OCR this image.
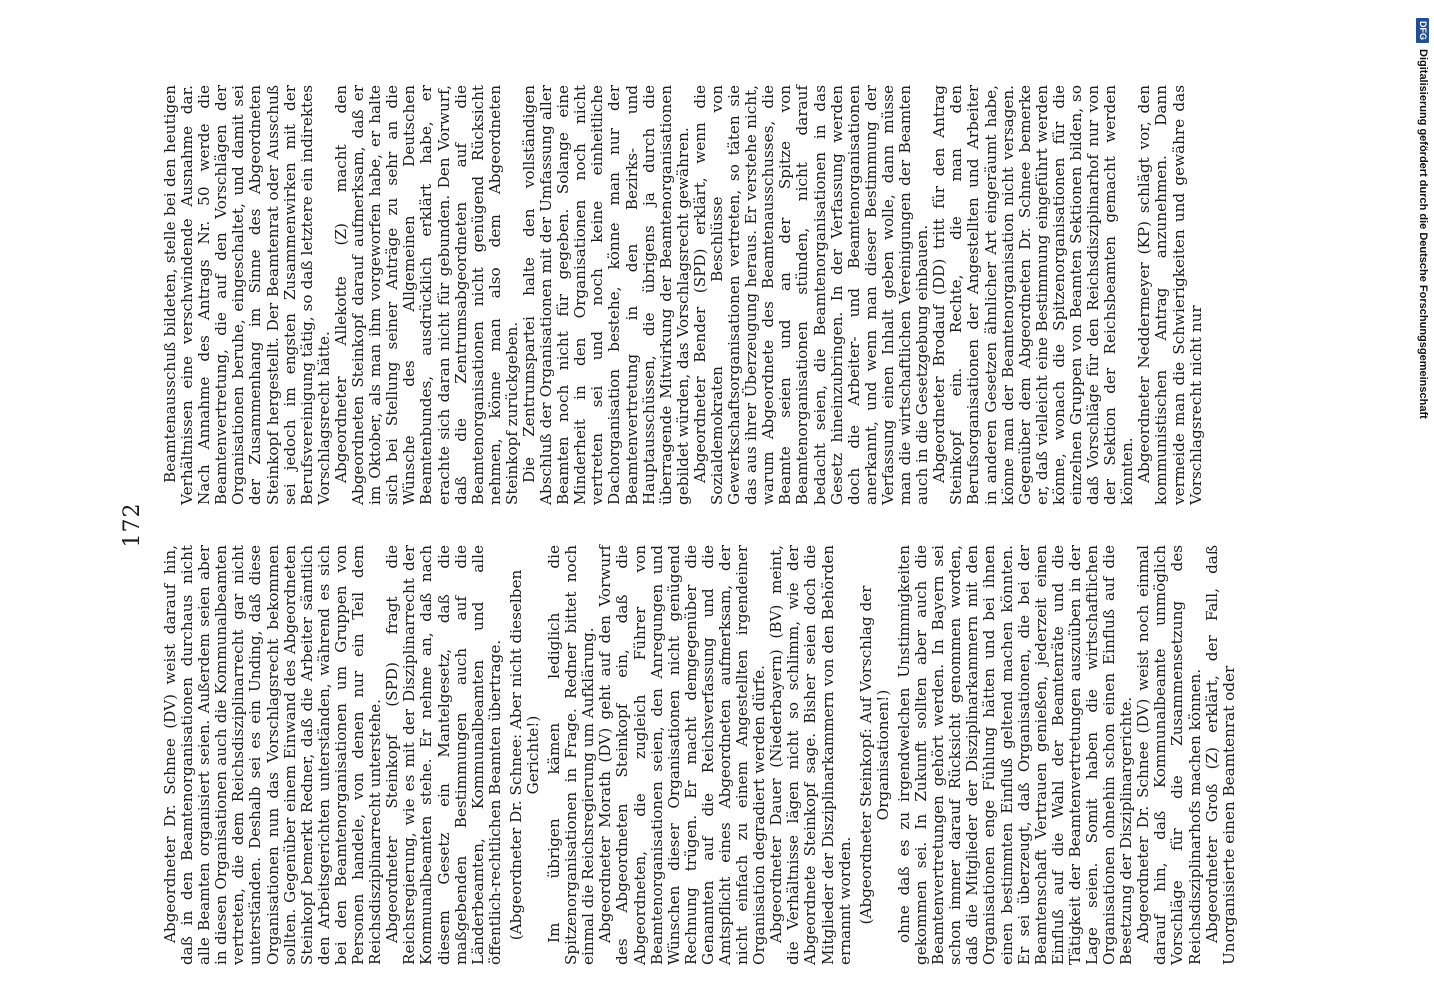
172

Abgeordneter Dr. Schnee (DV) weist darauf hin, daß in den Beamtenorganisationen durchaus nicht alle Beamten organisiert seien. Außerdem seien aber in diesen Organisationen auch die Kommunalbeamten vertreten, die dem Reichsdisziplinarrecht gar nicht unterständen. Deshalb sei es ein Unding, daß diese Organisationen nun das Vorschlagsrecht bekommen sollten. Gegenüber einem Einwand des Abgeordneten Steinkopf bemerkt Redner, daß die Arbeiter sämtlich den Arbeitsgerichten unterständen, während es sich bei den Beamtenorganisationen um Gruppen von Personen handele, von denen nur ein Teil dem Reichsdisziplinarrecht unterstehe. Abgeordneter Steinkopf (SPD) fragt die Reichsregierung, wie es mit der Disziplinarrecht der Kommunalbeamten stehe. Er nehme an, daß nach diesem Gesetz ein Mantelgesetz, daß die maßgebenden Bestimmungen auch auf die Länderbeamten, Kommunalbeamten und alle öffentlich-rechtlichen Beamten übertrage. (Abgeordneter Dr. Schnee: Aber nicht dieselben Gerichte!) Im übrigen kämen lediglich die Spitzenorganisationen in Frage. Redner bittet noch einmal die Reichsregierung um Aufklärung. Abgeordneter Morath (DV) geht auf den Vorwurf des Abgeordneten Steinkopf ein, daß die Abgeordneten, die zugleich Führer von Beamtenorganisationen seien, den Anregungen und Wünschen dieser Organisationen nicht genügend Rechnung trügen. Er macht demgegenüber die Genannten auf die Reichsverfassung und die Amtspflicht eines Abgeordneten aufmerksam, der nicht einfach zu einem Angestellten irgendeiner Organisation degradiert werden dürfe. Abgeordneter Dauer (Niederbayern) (BV) meint, die Verhältnisse lägen nicht so schlimm, wie der Abgeordnete Steinkopf sage. Bisher seien doch die Mitglieder der Disziplinarkammern von den Behörden ernannt worden. (Abgeordneter Steinkopf: Auf Vorschlag der Organisationen!) ohne daß es zu irgendwelchen Unstimmigkeiten gekommen sei. In Zukunft sollten aber auch die Beamtenvertretungen gehört werden. In Bayern sei schon immer darauf Rücksicht genommen worden, daß die Mitglieder der Disziplinarkammern mit den Organisationen enge Fühlung hätten und bei ihnen einen bestimmten Einfluß geltend machen könnten. Er sei überzeugt, daß Organisationen, die bei der Beamtenschaft Vertrauen genießen, jederzeit einen Einfluß auf die Wahl der Beamtenräte und die Tätigkeit der Beamtenvertretungen auszuüben in der Lage seien. Somit haben die wirtschaftlichen Organisationen ohnehin schon einen Einfluß auf die Besetzung der Disziplinargerichte. Abgeordneter Dr. Schnee (DV) weist noch einmal darauf hin, daß Kommunalbeamte unmöglich Vorschläge für die Zusammensetzung des Reichsdisziplinarhofs machen können. Abgeordneter Groß (Z) erklärt, der Fall, daß Unorganisierte einen Beamtenrat oder

Beamtenausschuß bildeten, stelle bei den heutigen Verhältnissen eine verschwindende Ausnahme dar. Nach Annahme des Antrags Nr. 50 werde die Beamtenvertretung, die auf den Vorschlägen der Organisationen beruhe, eingeschaltet, und damit sei der Zusammenhang im Sinne des Abgeordneten Steinkopf hergestellt. Der Beamtenrat oder Ausschuß sei jedoch im engsten Zusammenwirken mit der Berufsvereinigung tätig, so daß letztere ein indirektes Vorschlagsrecht hätte. Abgeordneter Allekotte (Z) macht den Abgeordneten Steinkopf darauf aufmerksam, daß er im Oktober, als man ihm vorgeworfen habe, er halte sich bei Stellung seiner Anträge zu sehr an die Wünsche des Allgemeinen Deutschen Beamtenbundes, ausdrücklich erklärt habe, er erachte sich daran nicht für gebunden. Den Vorwurf, daß die Zentrumsabgeordneten auf die Beamtenorganisationen nicht genügend Rücksicht nehmen, könne man also dem Abgeordneten Steinkopf zurückgeben. Die Zentrumspartei halte den vollständigen Abschluß der Organisationen mit der Umfassung aller Beamten noch nicht für gegeben. Solange eine Minderheit in den Organisationen noch nicht vertreten sei und noch keine einheitliche Dachorganisation bestehe, könne man nur der Beamtenvertretung in den Bezirks- und Hauptausschüssen, die übrigens ja durch die überragende Mitwirkung der Beamtenorganisationen gebildet würden, das Vorschlagsrecht gewähren. Abgeordneter Bender (SPD) erklärt, wenn die Sozialdemokraten Beschlüsse von Gewerkschaftsorganisationen vertreten, so täten sie das aus ihrer Überzeugung heraus. Er verstehe nicht, warum Abgeordnete des Beamtenausschusses, die Beamte seien und an der Spitze von Beamtenorganisationen stünden, nicht darauf bedacht seien, die Beamtenorganisationen in das Gesetz hineinzubringen. In der Verfassung werden doch die Arbeiter- und Beamtenorganisationen anerkannt, und wenn man dieser Bestimmung der Verfassung einen Inhalt geben wolle, dann müsse man die wirtschaftlichen Vereinigungen der Beamten auch in die Gesetzgebung einbauen. Abgeordneter Brodauf (DD) tritt für den Antrag Steinkopf ein. Rechte, die man den Berufsorganisationen der Angestellten und Arbeiter in anderen Gesetzen ähnlicher Art eingeräumt habe, könne man der Beamtenorganisation nicht versagen. Gegenüber dem Abgeordneten Dr. Schnee bemerke er, daß vielleicht eine Bestimmung eingeführt werden könne, wonach die Spitzenorganisationen für die einzelnen Gruppen von Beamten Sektionen bilden, so daß Vorschläge für den Reichsdisziplinarhof nur von der Sektion der Reichsbeamten gemacht werden könnten. Abgeordneter Neddermeyer (KP) schlägt vor, den kommunistischen Antrag anzunehmen. Dann vermeide man die Schwierigkeiten und gewähre das Vorschlagsrecht nicht nur

DFGDigitalisierung gefördert durch die Deutsche Forschungsgemeinschaft
